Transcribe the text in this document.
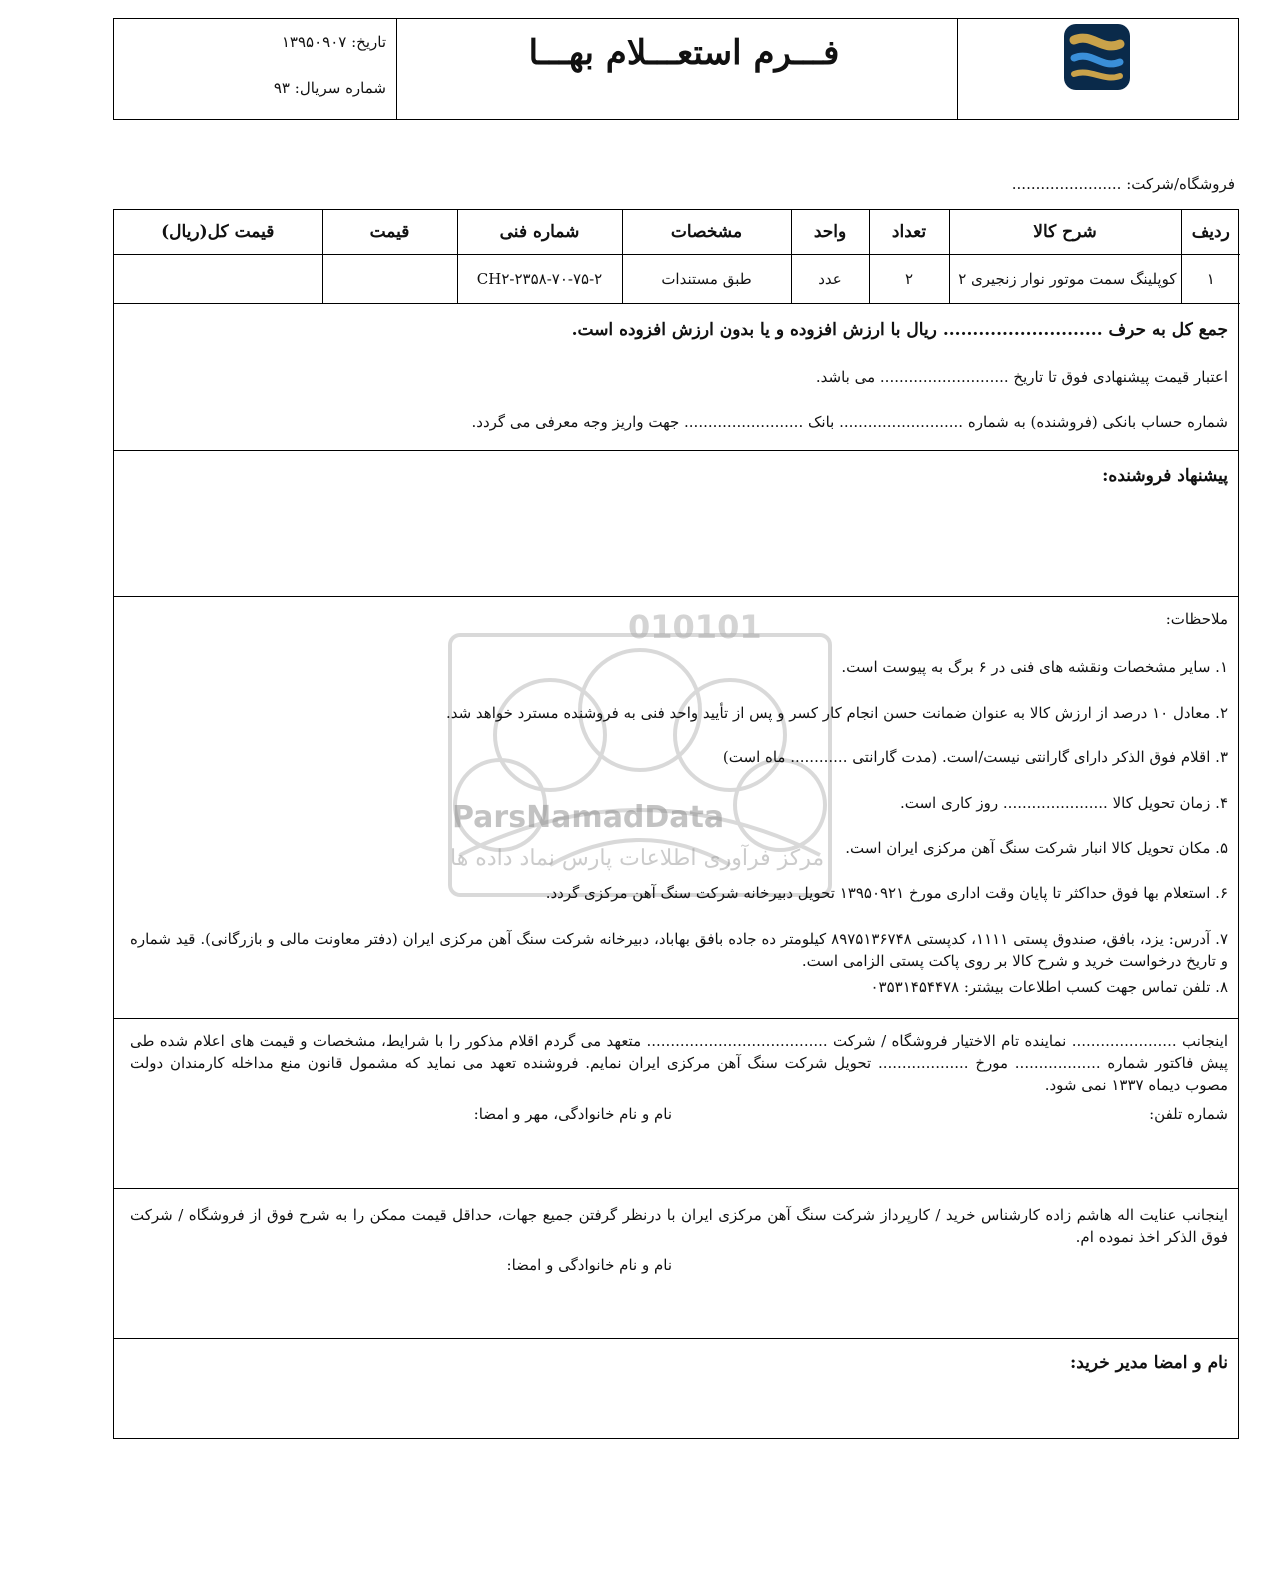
فـــرم استعـــلام بهـــا
تاریخ: ۱۳۹۵۰۹۰۷
شماره سریال: ۹۳
فروشگاه/شرکت: .......................
010101
ParsNamadData
مرکز فرآوری اطلاعات پارس نماد داده ها
ردیف	شرح کالا	تعداد	واحد	مشخصات	شماره فنی	قیمت	قیمت کل(ریال)
۱	کوپلینگ سمت موتور نوار زنجیری ۲	۲	عدد	طبق مستندات	CH۲-۲۳۵۸-۷۰-۷۵-۲		
جمع کل به حرف ........................... ریال با ارزش افزوده و یا بدون ارزش افزوده است.
اعتبار قیمت پیشنهادی فوق تا تاریخ ........................... می باشد.
شماره حساب بانکی (فروشنده) به شماره .......................... بانک ......................... جهت واریز وجه معرفی می گردد.
پیشنهاد فروشنده:
ملاحظات:
۱. سایر مشخصات ونقشه های فنی در ۶ برگ به پیوست است.
۲. معادل ۱۰ درصد از ارزش کالا به عنوان ضمانت حسن انجام کار کسر و پس از تأیید واحد فنی به فروشنده مسترد خواهد شد.
۳. اقلام فوق الذکر دارای گارانتی نیست/است. (مدت گارانتی ............ ماه است)
۴. زمان تحویل کالا ...................... روز کاری است.
۵. مکان تحویل کالا انبار شرکت سنگ آهن مرکزی ایران است.
۶. استعلام بها فوق حداکثر تا پایان وقت اداری مورخ ۱۳۹۵۰۹۲۱ تحویل دبیرخانه شرکت سنگ آهن مرکزی گردد.
۷. آدرس: یزد، بافق، صندوق پستی ۱۱۱۱، کدپستی ۸۹۷۵۱۳۶۷۴۸ کیلومتر ده جاده بافق بهاباد، دبیرخانه شرکت سنگ آهن مرکزی ایران (دفتر معاونت مالی و بازرگانی). قید شماره و تاریخ درخواست خرید و شرح کالا بر روی پاکت پستی الزامی است.
۸. تلفن تماس جهت کسب اطلاعات بیشتر: ۰۳۵۳۱۴۵۴۴۷۸
اینجانب ...................... نماینده تام الاختیار فروشگاه / شرکت ...................................... متعهد می گردم اقلام مذکور را با شرایط، مشخصات و قیمت های اعلام شده طی پیش فاکتور شماره .................. مورخ ................... تحویل شرکت سنگ آهن مرکزی ایران نمایم. فروشنده تعهد می نماید که مشمول قانون منع مداخله کارمندان دولت مصوب دیماه ۱۳۳۷ نمی شود.
شماره تلفن:
نام و نام خانوادگی، مهر و امضا:
اینجانب عنایت اله هاشم زاده کارشناس خرید / کارپرداز شرکت سنگ آهن مرکزی ایران با درنظر گرفتن جمیع جهات، حداقل قیمت ممکن را به شرح فوق از فروشگاه / شرکت فوق الذکر اخذ نموده ام.
نام و نام خانوادگی و امضا:
نام و امضا مدیر خرید:
